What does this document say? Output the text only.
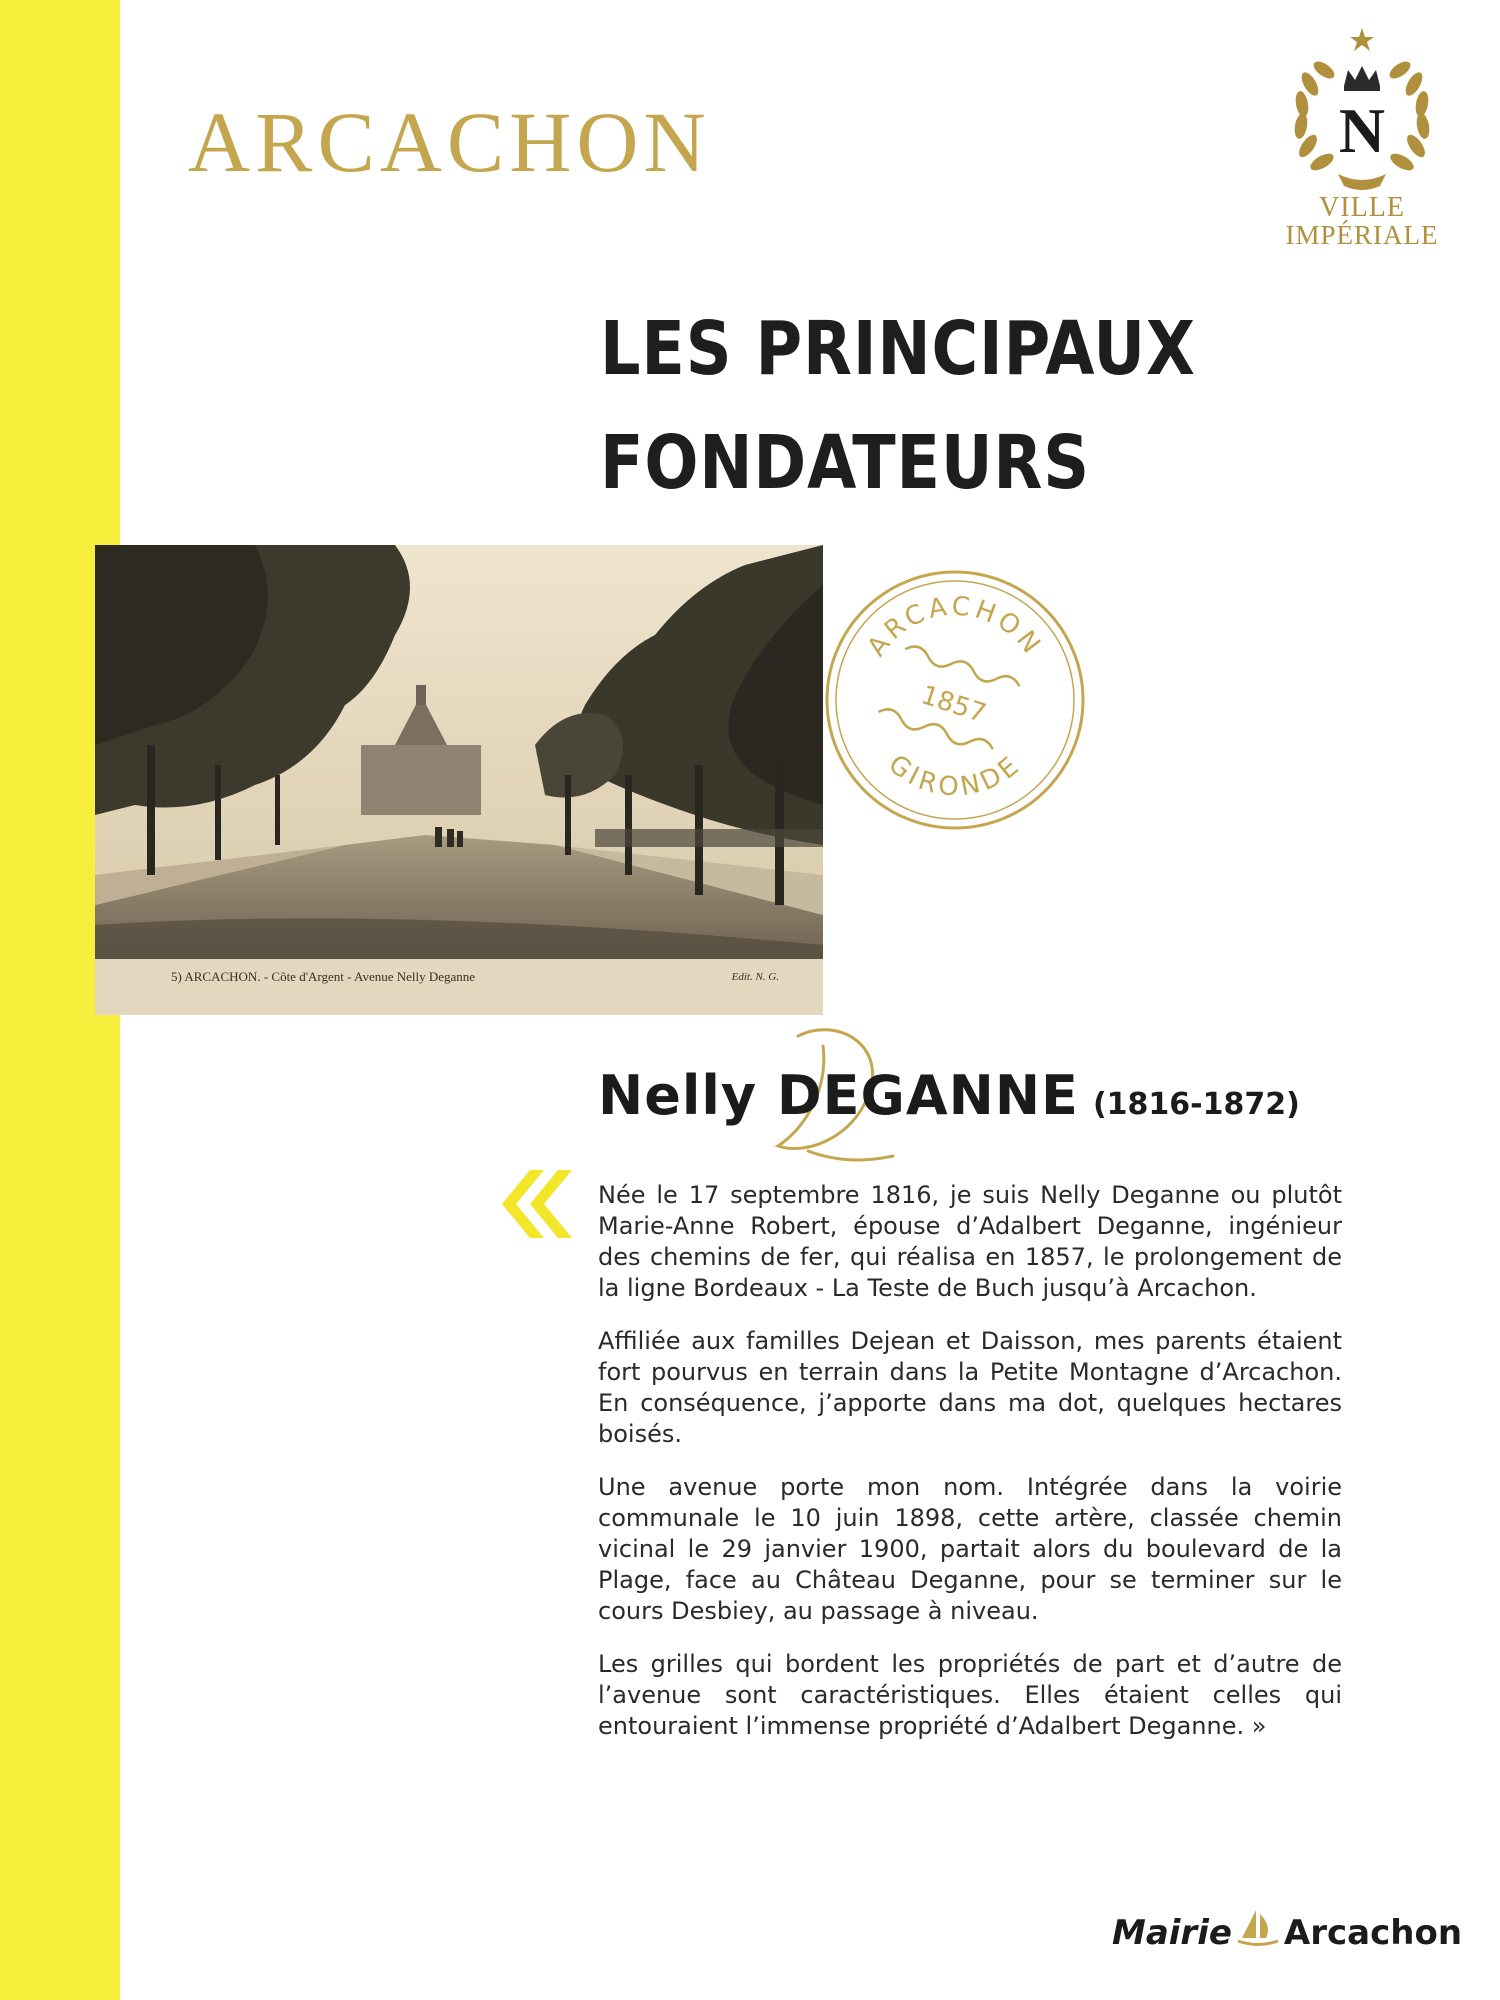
ARCACHON	N
VILLE
IMPÉRIALE
LES PRINCIPAUX
FONDATEURS
5) ARCACHON. - Côte d'Argent - Avenue Nelly Deganne	Edit. N. G.
ARCACHON
GIRONDE
1857
Nelly DEGANNE (1816-1872)

Née le 17 septembre 1816, je suis Nelly Deganne ou plutôt Marie-Anne Robert, épouse d’Adalbert Deganne, ingénieur des chemins de fer, qui réalisa en 1857, le prolongement de la ligne Bordeaux - La Teste de Buch jusqu’à Arcachon.

Affiliée aux familles Dejean et Daisson, mes parents étaient fort pourvus en terrain dans la Petite Montagne d’Arcachon. En conséquence, j’apporte dans ma dot, quelques hectares boisés.

Une avenue porte mon nom. Intégrée dans la voirie communale le 10 juin 1898, cette artère, classée chemin vicinal le 29 janvier 1900, partait alors du boulevard de la Plage, face au Château Deganne, pour se terminer sur le cours Desbiey, au passage à niveau.

Les grilles qui bordent les propriétés de part et d’autre de l’avenue sont caractéristiques. Elles étaient celles qui entouraient l’immense propriété d’Adalbert Deganne. »

Mairie Arcachon
